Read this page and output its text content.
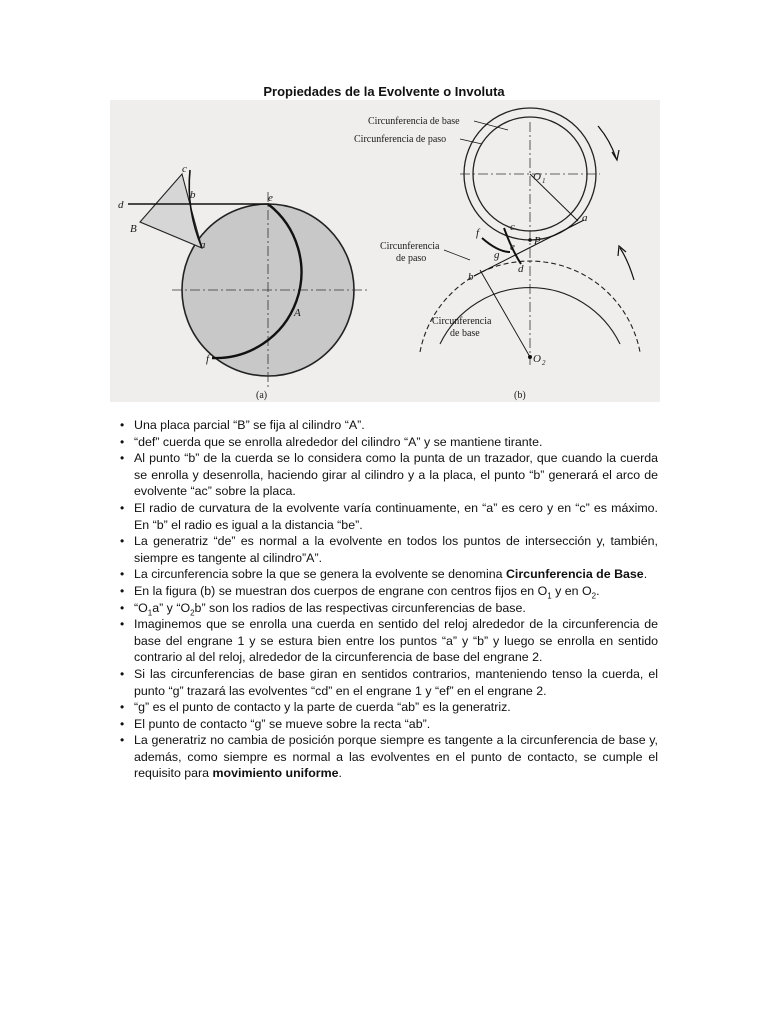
Propiedades de la Evolvente o Involuta
B
c
b
d
a
e
A
f
(a)
Circunferencia de base
Circunferencia de paso
Circunferencia
de paso
Circunferencia
de base
O 1
O 2
P
a
b
c
d
e
f
g
(b)
• Una placa parcial “B” se fija al cilindro “A”.
• “def” cuerda que se enrolla alrededor del cilindro “A” y se mantiene tirante.
• Al punto “b” de la cuerda se lo considera como la punta de un trazador, que cuando la cuerda se enrolla y desenrolla, haciendo girar al cilindro y a la placa, el punto “b” generará el arco de evolvente “ac” sobre la placa.
• El radio de curvatura de la evolvente varía continuamente, en “a” es cero y en “c” es máximo. En “b” el radio es igual a la distancia “be”.
• La generatriz “de” es normal a la evolvente en todos los puntos de intersección y, también, siempre es tangente al cilindro”A”.
• La circunferencia sobre la que se genera la evolvente se denomina Circunferencia de Base.
• En la figura (b) se muestran dos cuerpos de engrane con centros fijos en $O_1$ y en $O_2$.
• “$O_1a$” y “$O_2b$” son los radios de las respectivas circunferencias de base.
• Imaginemos que se enrolla una cuerda en sentido del reloj alrededor de la circunferencia de base del engrane 1 y se estura bien entre los puntos “a” y “b” y luego se enrolla en sentido contrario al del reloj, alrededor de la circunferencia de base del engrane 2.
• Si las circunferencias de base giran en sentidos contrarios, manteniendo tenso la cuerda, el punto “g” trazará las evolventes “cd” en el engrane 1 y “ef” en el engrane 2.
• “g” es el punto de contacto y la parte de cuerda “ab” es la generatriz.
• El punto de contacto “g” se mueve sobre la recta “ab”.
• La generatriz no cambia de posición porque siempre es tangente a la circunferencia de base y, además, como siempre es normal a las evolventes en el punto de contacto, se cumple el requisito para movimiento uniforme.
